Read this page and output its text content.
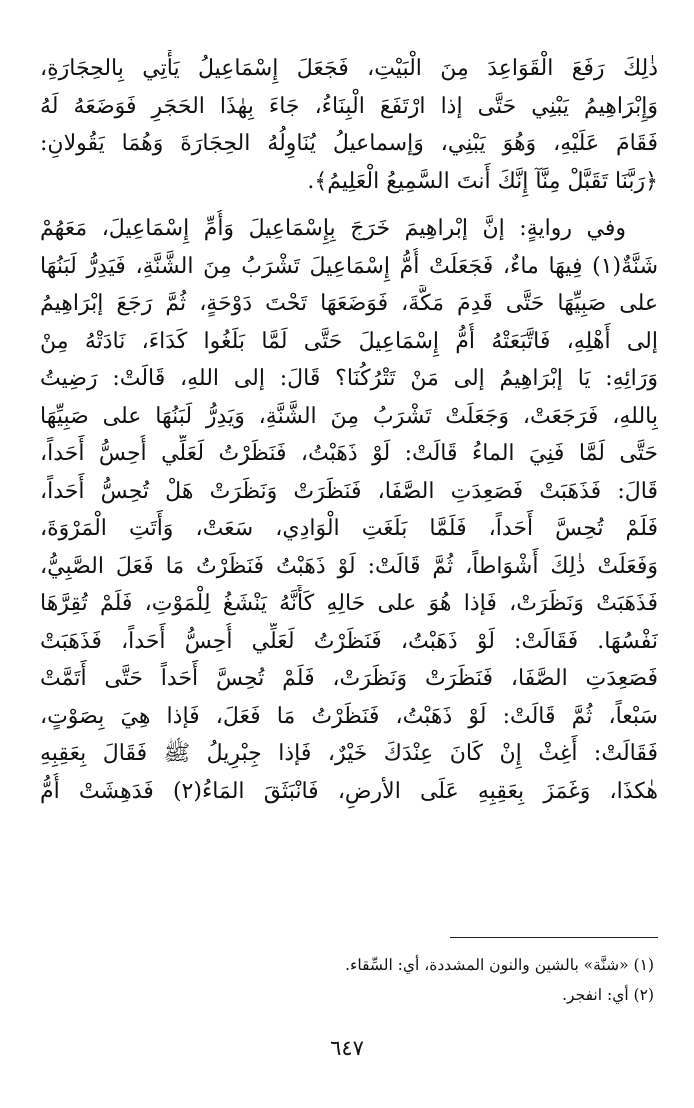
ذٰلِكَ رَفَعَ الْقَوَاعِدَ مِنَ الْبَيْتِ، فَجَعَلَ إِسْمَاعِيلُ يَأْتِي بِالحِجَارَةِ،
وَإِبْرَاهِيمُ يَبْنِي حَتَّى إذا ارْتَفَعَ الْبِنَاءُ، جَاءَ بِهٰذَا الحَجَرِ فَوَضَعَهُ لَهُ
فَقَامَ عَلَيْهِ، وَهُوَ يَبْنِي، وَإسماعيلُ يُنَاوِلُهُ الحِجَارَةَ وَهُمَا يَقُولانِ:
﴿رَبَّنَا تَقَبَّلْ مِنَّآ إِنَّكَ أَنتَ السَّمِيعُ الْعَلِيمُ﴾.
وفي روايةٍ: إنَّ إبْراهِيمَ خَرَجَ بِإِسْمَاعِيلَ وَأُمِّ إِسْمَاعِيلَ، مَعَهُمْ
شَنَّةٌ(١) فِيهَا ماءٌ، فَجَعَلَتْ أُمُّ إِسْمَاعِيلَ تَشْرَبُ مِنَ الشَّنَّةِ، فَيَدِرُّ لَبَنُهَا
على صَبِيِّهَا حَتَّى قَدِمَ مَكَّةَ، فَوَضَعَهَا تَحْتَ دَوْحَةٍ، ثُمَّ رَجَعَ إبْرَاهِيمُ
إلى أَهْلِهِ، فَاتَّبَعَتْهُ أُمُّ إِسْمَاعِيلَ حَتَّى لَمَّا بَلَغُوا كَدَاءَ، نَادَتْهُ مِنْ
وَرَائِهِ: يَا إبْرَاهِيمُ إلى مَنْ تَتْرُكُنَا؟ قَالَ: إلى اللهِ، قَالَتْ: رَضِيتُ
بِاللهِ، فَرَجَعَتْ، وَجَعَلَتْ تَشْرَبُ مِنَ الشَّنَّةِ، وَيَدِرُّ لَبَنُهَا على صَبِيِّهَا
حَتَّى لَمَّا فَنِيَ الماءُ قَالَتْ: لَوْ ذَهَبْتُ، فَنَظَرْتُ لَعَلِّي أُحِسُّ أَحَداً،
قَالَ: فَذَهَبَتْ فَصَعِدَتِ الصَّفَا، فَنَظَرَتْ وَنَظَرَتْ هَلْ تُحِسُّ أَحَداً،
فَلَمْ تُحِسَّ أَحَداً، فَلَمَّا بَلَغَتِ الْوَادِي، سَعَتْ، وَأَتَتِ الْمَرْوَةَ،
وَفَعَلَتْ ذٰلِكَ أَشْوَاطاً، ثُمَّ قَالَتْ: لَوْ ذَهَبْتُ فَنَظَرْتُ مَا فَعَلَ الصَّبِيُّ،
فَذَهَبَتْ وَنَظَرَتْ، فَإذا هُوَ على حَالِهِ كَأَنَّهُ يَنْشَغُ لِلْمَوْتِ، فَلَمْ تُقِرَّهَا
نَفْسُهَا. فَقَالَتْ: لَوْ ذَهَبْتُ، فَنَظَرْتُ لَعَلِّي أُحِسُّ أَحَداً، فَذَهَبَتْ
فَصَعِدَتِ الصَّفَا، فَنَظَرَتْ وَنَظَرَتْ، فَلَمْ تُحِسَّ أَحَداً حَتَّى أَتَمَّتْ
سَبْعاً، ثُمَّ قَالَتْ: لَوْ ذَهَبْتُ، فَنَظَرْتُ مَا فَعَلَ، فَإذا هِيَ بِصَوْتٍ،
فَقَالَتْ: أَغِثْ إِنْ كَانَ عِنْدَكَ خَيْرٌ، فَإذا جِبْرِيلُ ﷺ فَقَالَ بِعَقِبِهِ
هٰكذَا، وَغَمَزَ بِعَقِبِهِ عَلَى الأرضِ، فَانْبَثَقَ المَاءُ(٢) فَدَهِشَتْ أُمُّ
(١) «شنَّة» بالشين والنون المشددة، أي: السِّقاء.
(٢) أي: انفجر.
٦٤٧
